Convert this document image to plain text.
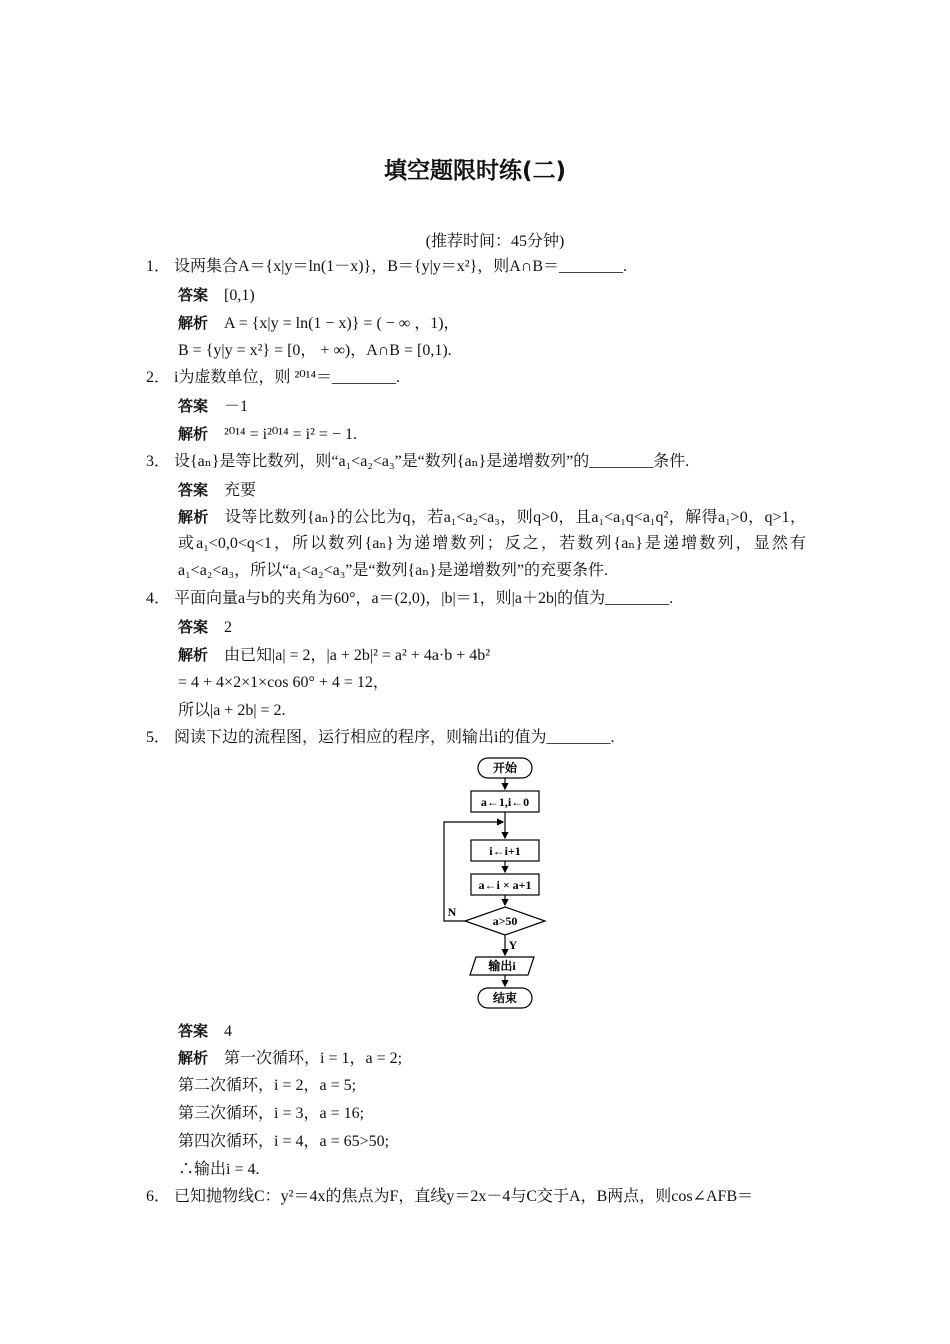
填空题限时练(二)
(推荐时间：45分钟)
1． 设两集合A＝{x|y＝ln(1－x)}，B＝{y|y＝x²}，则A∩B＝________.
答案 [0,1)
解析 A = {x|y = ln(1 − x)} = ( − ∞ ，1)，
B = {y|y = x²} = [0， + ∞)，A∩B = [0,1).
2． i为虚数单位，则 ²⁰¹⁴＝________.
答案 －1
解析 ²⁰¹⁴ = i²⁰¹⁴ = i² = − 1.
3． 设{aₙ}是等比数列，则“a₁<a₂<a₃”是“数列{aₙ}是递增数列”的________条件.
答案 充要
解析 设等比数列{aₙ}的公比为q，若a₁<a₂<a₃，则q>0，且a₁<a₁q<a₁q²，解得a₁>0，q>1，
或a₁<0,0<q<1，所以数列{aₙ}为递增数列；反之，若数列{aₙ}是递增数列，显然有
a₁<a₂<a₃，所以“a₁<a₂<a₃”是“数列{aₙ}是递增数列”的充要条件.
4． 平面向量a与b的夹角为60°，a＝(2,0)，|b|＝1，则|a＋2b|的值为________.
答案 2
解析 由已知|a| = 2，|a + 2b|² = a² + 4a·b + 4b²
= 4 + 4×2×1×cos 60° + 4 = 12，
所以|a + 2b| = 2.
5． 阅读下边的流程图，运行相应的程序，则输出i的值为________.
开始
a←1,i←0
i←i+1
a←i × a+1
a>50
N
Y
输出i
结束
答案 4
解析 第一次循环，i = 1，a = 2;
第二次循环，i = 2，a = 5;
第三次循环，i = 3，a = 16;
第四次循环，i = 4，a = 65>50;
∴输出i = 4.
6． 已知抛物线C：y²＝4x的焦点为F，直线y＝2x－4与C交于A，B两点，则cos∠AFB＝
